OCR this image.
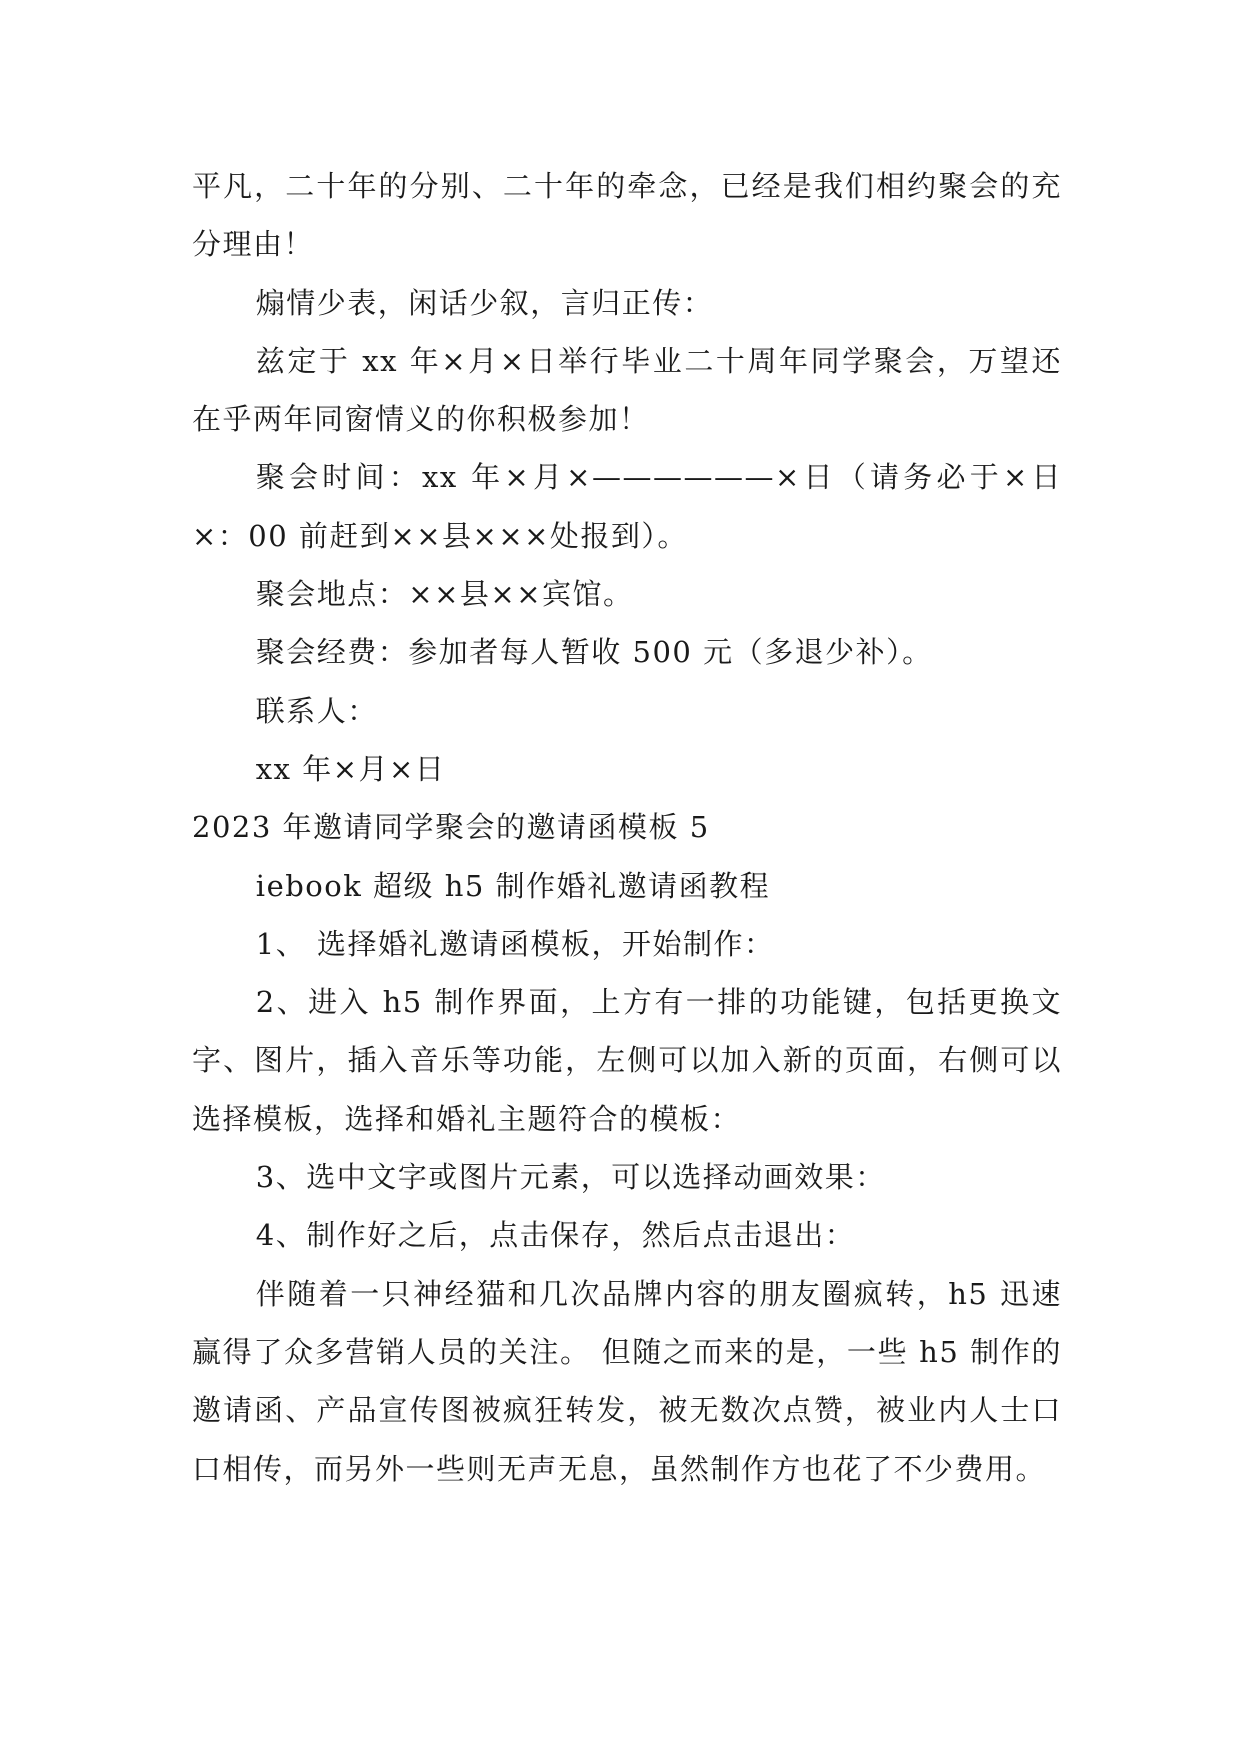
平凡，二十年的分别、二十年的牵念，已经是我们相约聚会的充分理由！

煽情少表，闲话少叙，言归正传：

兹定于 xx 年×月×日举行毕业二十周年同学聚会，万望还在乎两年同窗情义的你积极参加！

聚会时间：xx 年×月×——————×日（请务必于×日×：00 前赶到××县×××处报到）。

聚会地点：××县××宾馆。

聚会经费：参加者每人暂收 500 元（多退少补）。

联系人：

xx 年×月×日

2023 年邀请同学聚会的邀请函模板 5

iebook 超级 h5 制作婚礼邀请函教程

1、 选择婚礼邀请函模板，开始制作：

2、进入 h5 制作界面，上方有一排的功能键，包括更换文字、图片，插入音乐等功能，左侧可以加入新的页面，右侧可以选择模板，选择和婚礼主题符合的模板：

3、选中文字或图片元素，可以选择动画效果：

4、制作好之后，点击保存，然后点击退出：

伴随着一只神经猫和几次品牌内容的朋友圈疯转，h5 迅速赢得了众多营销人员的关注。 但随之而来的是，一些 h5 制作的邀请函、产品宣传图被疯狂转发，被无数次点赞，被业内人士口口相传，而另外一些则无声无息，虽然制作方也花了不少费用。
